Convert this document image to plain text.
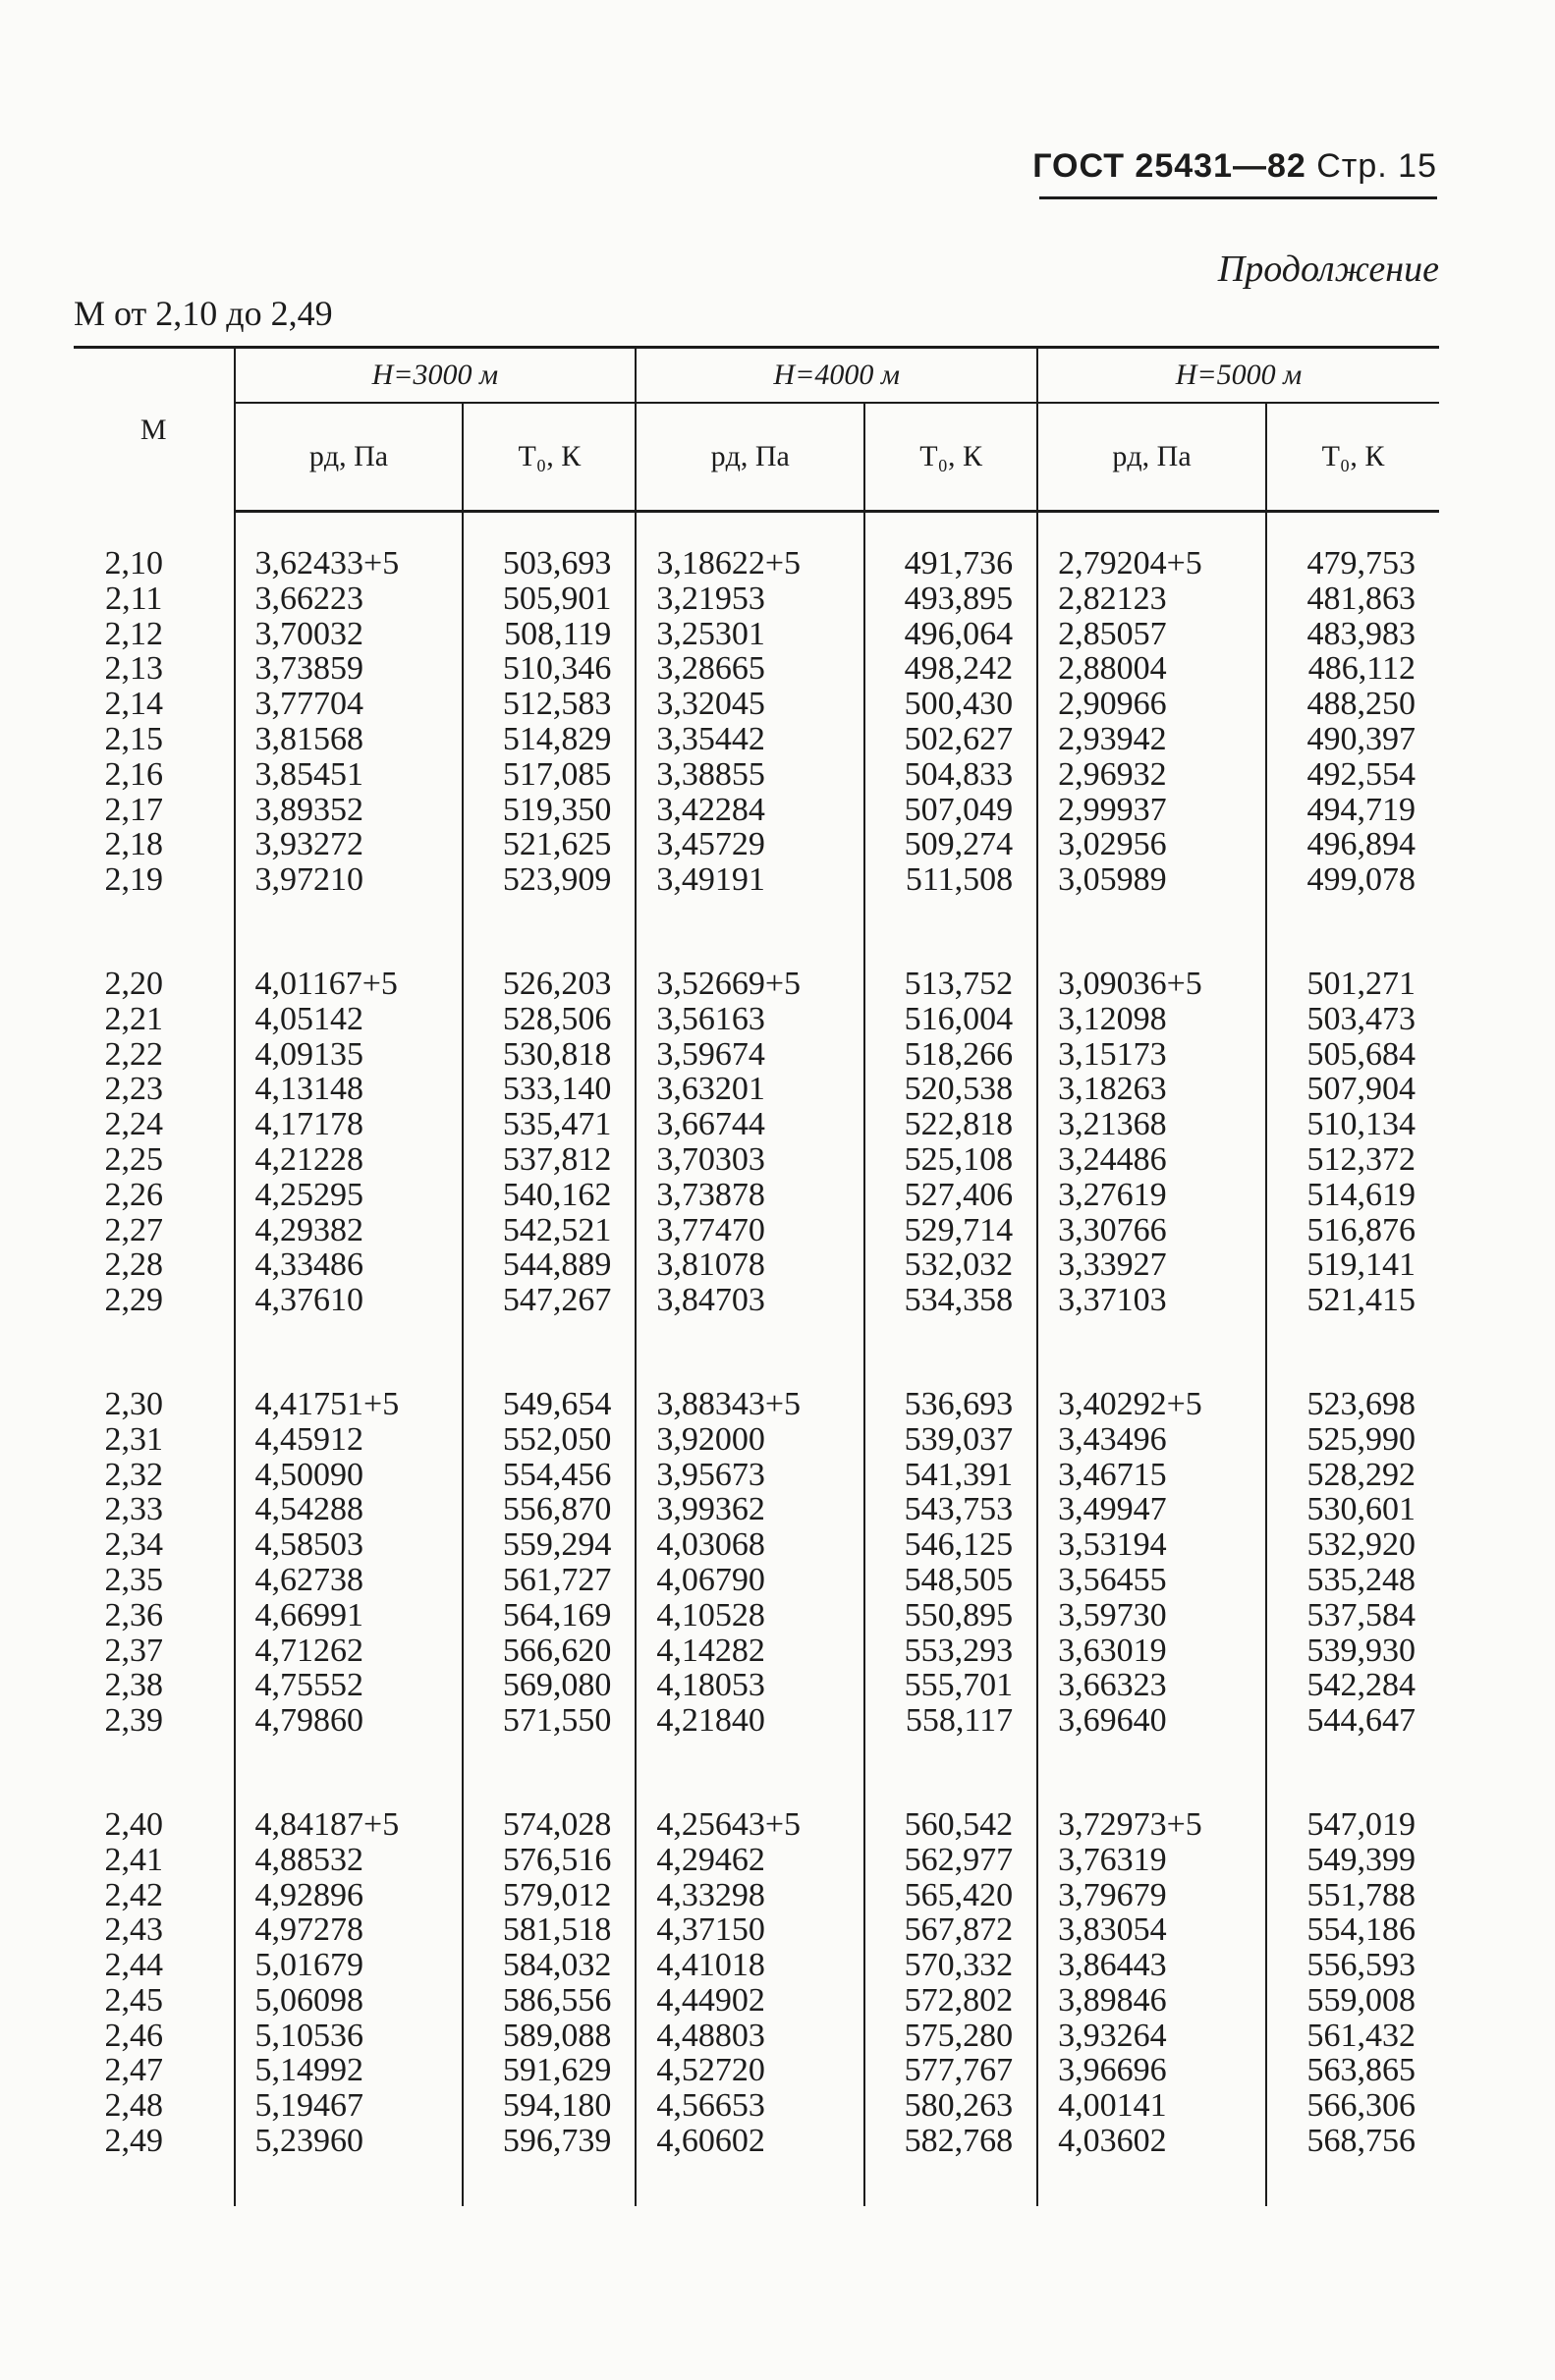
ГОСТ 25431—82 Стр. 15
Продолжение
М от 2,10 до 2,49
М	H=3000 м		H=4000 м		H=5000 м	
	pд, Па	T₀, К	pд, Па	T₀, К	pд, Па	T₀, К

2,10	3,62433+5	503,693	3,18622+5	491,736	2,79204+5	479,753
2,11	3,66223	505,901	3,21953	493,895	2,82123	481,863
2,12	3,70032	508,119	3,25301	496,064	2,85057	483,983
2,13	3,73859	510,346	3,28665	498,242	2,88004	486,112
2,14	3,77704	512,583	3,32045	500,430	2,90966	488,250
2,15	3,81568	514,829	3,35442	502,627	2,93942	490,397
2,16	3,85451	517,085	3,38855	504,833	2,96932	492,554
2,17	3,89352	519,350	3,42284	507,049	2,99937	494,719
2,18	3,93272	521,625	3,45729	509,274	3,02956	496,894
2,19	3,97210	523,909	3,49191	511,508	3,05989	499,078

2,20	4,01167+5	526,203	3,52669+5	513,752	3,09036+5	501,271
2,21	4,05142	528,506	3,56163	516,004	3,12098	503,473
2,22	4,09135	530,818	3,59674	518,266	3,15173	505,684
2,23	4,13148	533,140	3,63201	520,538	3,18263	507,904
2,24	4,17178	535,471	3,66744	522,818	3,21368	510,134
2,25	4,21228	537,812	3,70303	525,108	3,24486	512,372
2,26	4,25295	540,162	3,73878	527,406	3,27619	514,619
2,27	4,29382	542,521	3,77470	529,714	3,30766	516,876
2,28	4,33486	544,889	3,81078	532,032	3,33927	519,141
2,29	4,37610	547,267	3,84703	534,358	3,37103	521,415

2,30	4,41751+5	549,654	3,88343+5	536,693	3,40292+5	523,698
2,31	4,45912	552,050	3,92000	539,037	3,43496	525,990
2,32	4,50090	554,456	3,95673	541,391	3,46715	528,292
2,33	4,54288	556,870	3,99362	543,753	3,49947	530,601
2,34	4,58503	559,294	4,03068	546,125	3,53194	532,920
2,35	4,62738	561,727	4,06790	548,505	3,56455	535,248
2,36	4,66991	564,169	4,10528	550,895	3,59730	537,584
2,37	4,71262	566,620	4,14282	553,293	3,63019	539,930
2,38	4,75552	569,080	4,18053	555,701	3,66323	542,284
2,39	4,79860	571,550	4,21840	558,117	3,69640	544,647

2,40	4,84187+5	574,028	4,25643+5	560,542	3,72973+5	547,019
2,41	4,88532	576,516	4,29462	562,977	3,76319	549,399
2,42	4,92896	579,012	4,33298	565,420	3,79679	551,788
2,43	4,97278	581,518	4,37150	567,872	3,83054	554,186
2,44	5,01679	584,032	4,41018	570,332	3,86443	556,593
2,45	5,06098	586,556	4,44902	572,802	3,89846	559,008
2,46	5,10536	589,088	4,48803	575,280	3,93264	561,432
2,47	5,14992	591,629	4,52720	577,767	3,96696	563,865
2,48	5,19467	594,180	4,56653	580,263	4,00141	566,306
2,49	5,23960	596,739	4,60602	582,768	4,03602	568,756
